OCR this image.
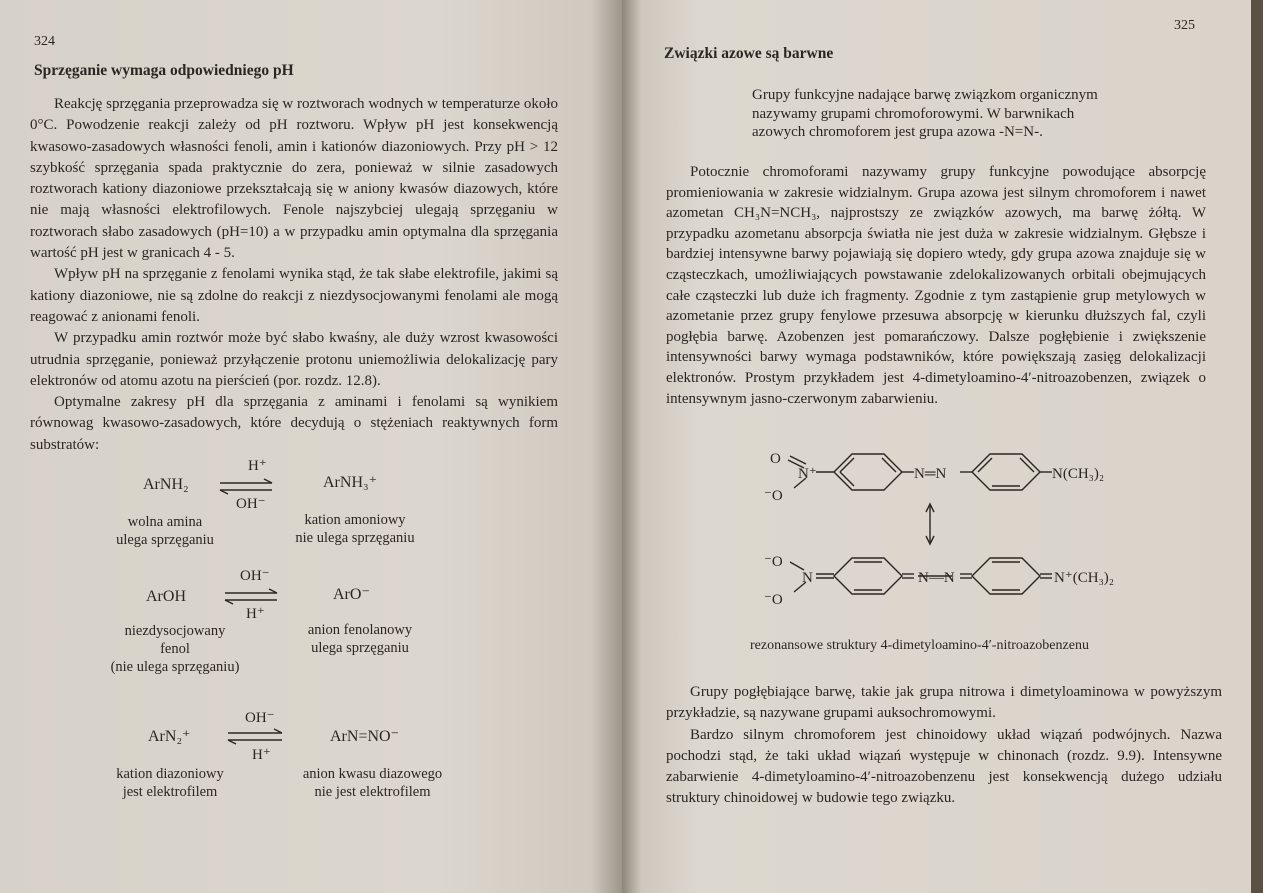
324
Sprzęganie wymaga odpowiedniego pH

Reakcję sprzęgania przeprowadza się w roztworach wodnych w temperaturze około 0°C. Powodzenie reakcji zależy od pH roztworu. Wpływ pH jest konsekwencją kwasowo-zasadowych własności fenoli, amin i kationów diazoniowych. Przy pH > 12 szybkość sprzęgania spada praktycznie do zera, ponieważ w silnie zasadowych roztworach kationy diazoniowe przekształcają się w aniony kwasów diazowych, które nie mają własności elektrofilowych. Fenole najszybciej ulegają sprzęganiu w roztworach słabo zasadowych (pH=10) a w przypadku amin optymalna dla sprzęgania wartość pH jest w granicach 4 - 5.

Wpływ pH na sprzęganie z fenolami wynika stąd, że tak słabe elektrofile, jakimi są kationy diazoniowe, nie są zdolne do reakcji z niezdysocjowanymi fenolami ale mogą reagować z anionami fenoli.

W przypadku amin roztwór może być słabo kwaśny, ale duży wzrost kwasowości utrudnia sprzęganie, ponieważ przyłączenie protonu uniemożliwia delokalizację pary elektronów od atomu azotu na pierścień (por. rozdz. 12.8).

Optymalne zakresy pH dla sprzęgania z aminami i fenolami są wynikiem równowag kwasowo-zasadowych, które decydują o stężeniach reaktywnych form substratów:

H⁺
ArNH₂	ArNH₃⁺
OH⁻
wolna amina
ulega sprzęganiu
kation amoniowy
nie ulega sprzęganiu
OH⁻
ArOH	ArO⁻
H⁺
niezdysocjowany
fenol
(nie ulega sprzęganiu)
anion fenolanowy
ulega sprzęganiu
OH⁻
ArN₂⁺	ArN=NO⁻
H⁺
kation diazoniowy
jest elektrofilem
anion kwasu diazowego
nie jest elektrofilem
325
Związki azowe są barwne
Grupy funkcyjne nadające barwę związkom organicznym
nazywamy grupami chromoforowymi. W barwnikach
azowych chromoforem jest grupa azowa -N=N-.

Potocznie chromoforami nazywamy grupy funkcyjne powodujące absorpcję promieniowania w zakresie widzialnym. Grupa azowa jest silnym chromoforem i nawet azometan CH₃N=NCH₃, najprostszy ze związków azowych, ma barwę żółtą. W przypadku azometanu absorpcja światła nie jest duża w zakresie widzialnym. Głębsze i bardziej intensywne barwy pojawiają się dopiero wtedy, gdy grupa azowa znajduje się w cząsteczkach, umożliwiających powstawanie zdelokalizowanych orbitali obejmujących całe cząsteczki lub duże ich fragmenty. Zgodnie z tym zastąpienie grup metylowych w azometanie przez grupy fenylowe przesuwa absorpcję w kierunku dłuższych fal, czyli pogłębia barwę. Azobenzen jest pomarańczowy. Dalsze pogłębienie i zwiększenie intensywności barwy wymaga podstawników, które powiększają zasięg delokalizacji elektronów. Prostym przykładem jest 4-dimetyloamino-4′-nitroazobenzen, związek o intensywnym jasno-czerwonym zabarwieniu.

O
N⁺
⁻O
N═N	N(CH₃)₂
⁻O
N
⁻O
N—N	N⁺(CH₃)₂
rezonansowe struktury 4-dimetyloamino-4′-nitroazobenzenu

Grupy pogłębiające barwę, takie jak grupa nitrowa i dimetyloaminowa w powyższym przykładzie, są nazywane grupami auksochromowymi.

Bardzo silnym chromoforem jest chinoidowy układ wiązań podwójnych. Nazwa pochodzi stąd, że taki układ wiązań występuje w chinonach (rozdz. 9.9). Intensywne zabarwienie 4-dimetyloamino-4′-nitroazobenzenu jest konsekwencją dużego udziału struktury chinoidowej w budowie tego związku.
